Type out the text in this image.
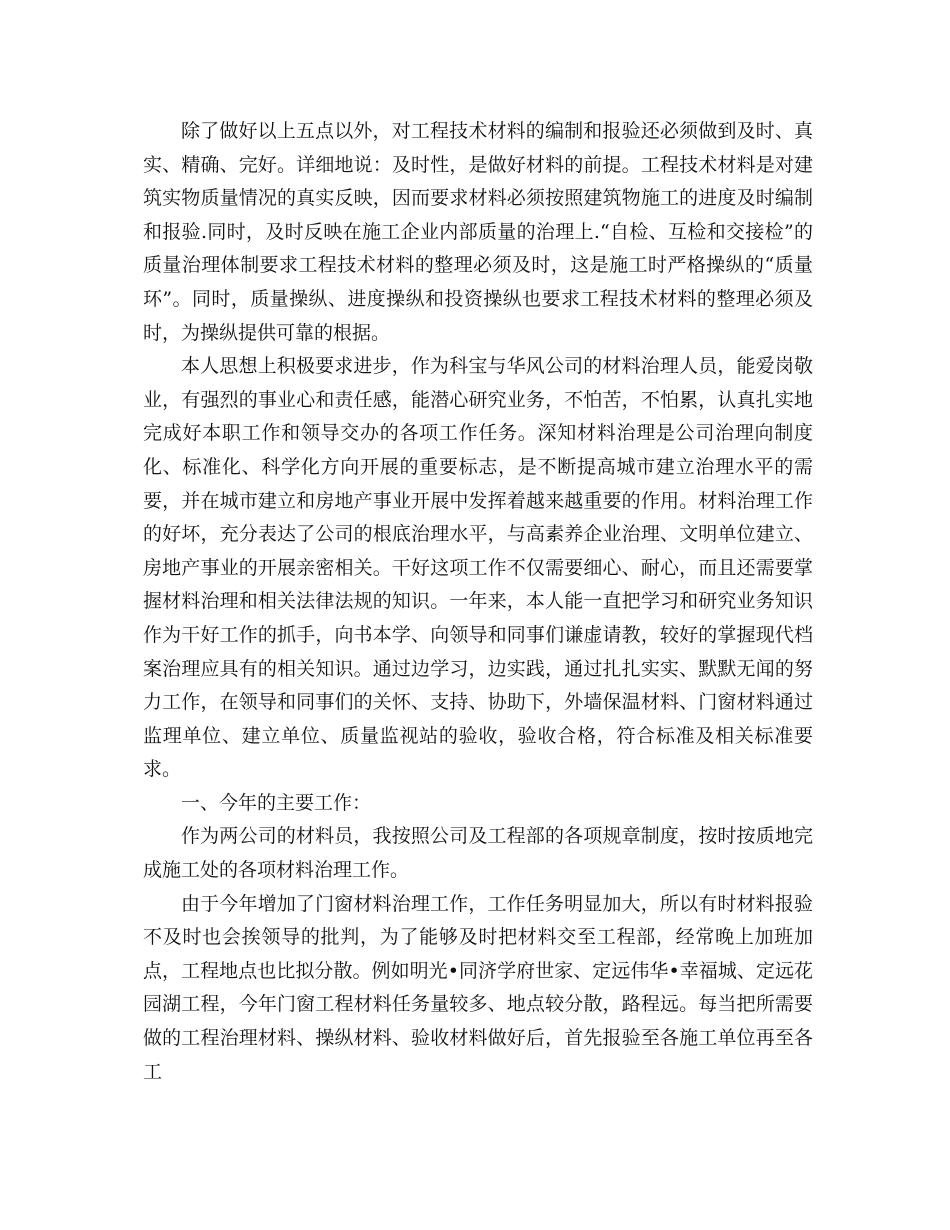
除了做好以上五点以外，对工程技术材料的编制和报验还必须做到及时、真实、精确、完好。详细地说：及时性，是做好材料的前提。工程技术材料是对建筑实物质量情况的真实反映，因而要求材料必须按照建筑物施工的进度及时编制和报验.同时，及时反映在施工企业内部质量的治理上.“自检、互检和交接检”的质量治理体制要求工程技术材料的整理必须及时，这是施工时严格操纵的“质量环”。同时，质量操纵、进度操纵和投资操纵也要求工程技术材料的整理必须及时，为操纵提供可靠的根据。

本人思想上积极要求进步，作为科宝与华风公司的材料治理人员，能爱岗敬业，有强烈的事业心和责任感，能潜心研究业务，不怕苦，不怕累，认真扎实地完成好本职工作和领导交办的各项工作任务。深知材料治理是公司治理向制度化、标准化、科学化方向开展的重要标志，是不断提高城市建立治理水平的需要，并在城市建立和房地产事业开展中发挥着越来越重要的作用。材料治理工作的好坏，充分表达了公司的根底治理水平，与高素养企业治理、文明单位建立、房地产事业的开展亲密相关。干好这项工作不仅需要细心、耐心，而且还需要掌握材料治理和相关法律法规的知识。一年来，本人能一直把学习和研究业务知识作为干好工作的抓手，向书本学、向领导和同事们谦虚请教，较好的掌握现代档案治理应具有的相关知识。通过边学习，边实践，通过扎扎实实、默默无闻的努力工作，在领导和同事们的关怀、支持、协助下，外墙保温材料、门窗材料通过监理单位、建立单位、质量监视站的验收，验收合格，符合标准及相关标准要求。

一、今年的主要工作：

作为两公司的材料员，我按照公司及工程部的各项规章制度，按时按质地完成施工处的各项材料治理工作。

由于今年增加了门窗材料治理工作，工作任务明显加大，所以有时材料报验不及时也会挨领导的批判，为了能够及时把材料交至工程部，经常晚上加班加点，工程地点也比拟分散。例如明光•同济学府世家、定远伟华•幸福城、定远花园湖工程，今年门窗工程材料任务量较多、地点较分散，路程远。每当把所需要做的工程治理材料、操纵材料、验收材料做好后，首先报验至各施工单位再至各工
